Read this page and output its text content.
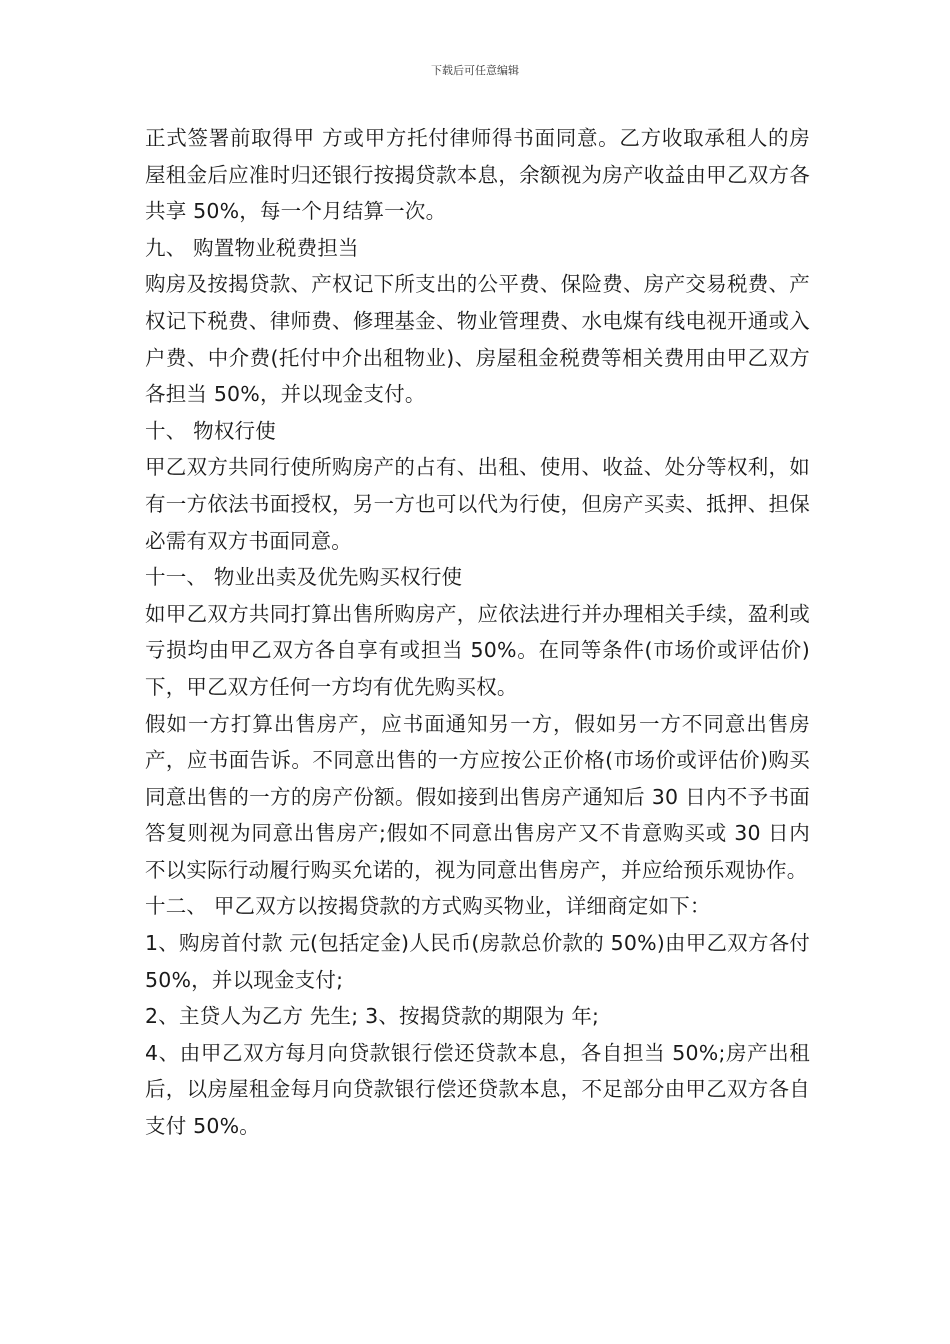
下载后可任意编辑

正式签署前取得甲 方或甲方托付律师得书面同意。乙方收取承租人的房屋租金后应准时归还银行按揭贷款本息，余额视为房产收益由甲乙双方各共享 50%，每一个月结算一次。

九、 购置物业税费担当

购房及按揭贷款、产权记下所支出的公平费、保险费、房产交易税费、产权记下税费、律师费、修理基金、物业管理费、水电煤有线电视开通或入户费、中介费(托付中介出租物业)、房屋租金税费等相关费用由甲乙双方各担当 50%，并以现金支付。

十、 物权行使

甲乙双方共同行使所购房产的占有、出租、使用、收益、处分等权利，如有一方依法书面授权，另一方也可以代为行使，但房产买卖、抵押、担保必需有双方书面同意。

十一、 物业出卖及优先购买权行使

如甲乙双方共同打算出售所购房产，应依法进行并办理相关手续，盈利或亏损均由甲乙双方各自享有或担当 50%。在同等条件(市场价或评估价)下，甲乙双方任何一方均有优先购买权。

假如一方打算出售房产，应书面通知另一方，假如另一方不同意出售房产，应书面告诉。不同意出售的一方应按公正价格(市场价或评估价)购买同意出售的一方的房产份额。假如接到出售房产通知后 30 日内不予书面答复则视为同意出售房产;假如不同意出售房产又不肯意购买或 30 日内不以实际行动履行购买允诺的，视为同意出售房产，并应给预乐观协作。

十二、 甲乙双方以按揭贷款的方式购买物业，详细商定如下：

1、购房首付款 元(包括定金)人民币(房款总价款的 50%)由甲乙双方各付 50%，并以现金支付;

2、主贷人为乙方 先生; 3、按揭贷款的期限为 年;

4、由甲乙双方每月向贷款银行偿还贷款本息，各自担当 50%;房产出租后，以房屋租金每月向贷款银行偿还贷款本息，不足部分由甲乙双方各自支付 50%。
